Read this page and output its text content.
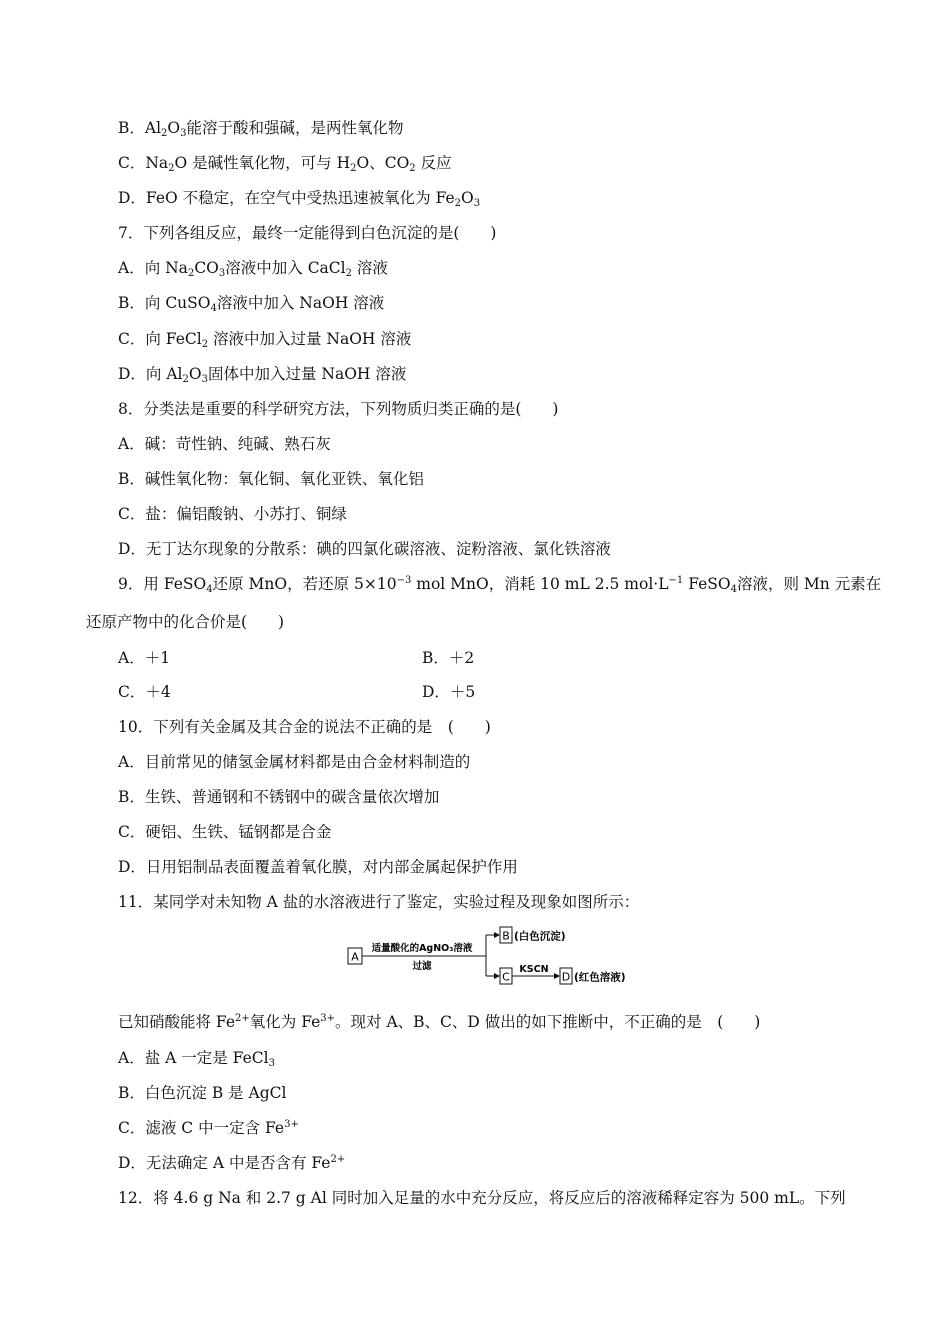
B．$Al_2O_3$能溶于酸和强碱，是两性氧化物
C．$Na_2O$ 是碱性氧化物，可与 $H_2O$、$CO_2$ 反应
D．FeO 不稳定，在空气中受热迅速被氧化为 $Fe_2O_3$
7．下列各组反应，最终一定能得到白色沉淀的是(　　)
A．向 $Na_2CO_3$溶液中加入 CaCl$_2$ 溶液
B．向 CuSO$_4$溶液中加入 NaOH 溶液
C．向 FeCl$_2$ 溶液中加入过量 NaOH 溶液
D．向 $Al_2O_3$固体中加入过量 NaOH 溶液
8．分类法是重要的科学研究方法，下列物质归类正确的是(　　)
A．碱：苛性钠、纯碱、熟石灰
B．碱性氧化物：氧化铜、氧化亚铁、氧化铝
C．盐：偏铝酸钠、小苏打、铜绿
D．无丁达尔现象的分散系：碘的四氯化碳溶液、淀粉溶液、氯化铁溶液
9．用 FeSO$_4$还原 MnO，若还原 $5\times 10^{-3}$ mol MnO，消耗 10 mL 2.5 $mol\cdot L^{-1}$ FeSO$_4$溶液，则 Mn 元素在
还原产物中的化合价是(　　)
A．＋1	B．＋2
C．＋4	D．＋5
10．下列有关金属及其合金的说法不正确的是　(　　)
A．目前常见的储氢金属材料都是由合金材料制造的
B．生铁、普通钢和不锈钢中的碳含量依次增加
C．硬铝、生铁、锰钢都是合金
D．日用铝制品表面覆盖着氧化膜，对内部金属起保护作用
11．某同学对未知物 A 盐的水溶液进行了鉴定，实验过程及现象如图所示：
A
适量酸化的AgNO₃溶液
过滤
B (白色沉淀)
C
KSCN
D (红色溶液)
已知硝酸能将 $Fe^{2+}$氧化为 $Fe^{3+}$。现对 A、B、C、D 做出的如下推断中，不正确的是　(　　)
A．盐 A 一定是 FeCl$_3$
B．白色沉淀 B 是 AgCl
C．滤液 C 中一定含 $Fe^{3+}$
D．无法确定 A 中是否含有 $Fe^{2+}$
12．将 4.6 g Na 和 2.7 g Al 同时加入足量的水中充分反应，将反应后的溶液稀释定容为 500 mL。下列
